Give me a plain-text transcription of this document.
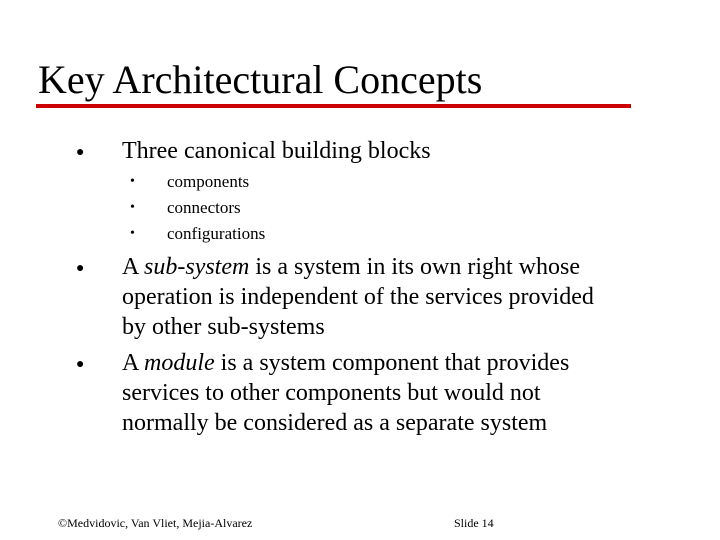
Key Architectural Concepts
● Three canonical building blocks
• components
• connectors
• configurations
● A sub-system is a system in its own right whose
operation is independent of the services provided
by other sub-systems
● A module is a system component that provides
services to other components but would not
normally be considered as a separate system
©Medvidovic, Van Vliet, Mejia-Alvarez	Slide 14
